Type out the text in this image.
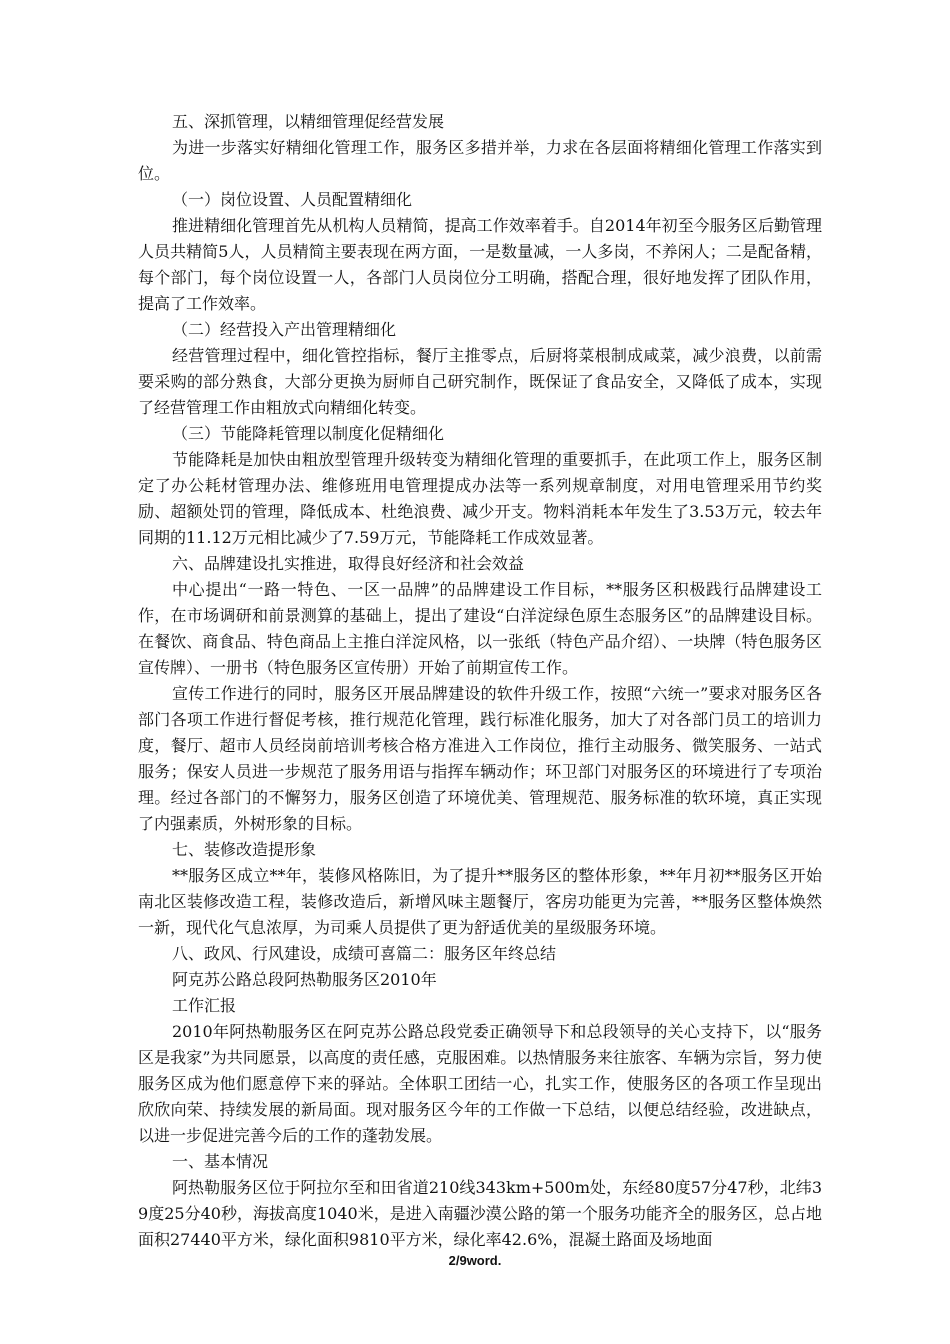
五、深抓管理，以精细管理促经营发展

为进一步落实好精细化管理工作，服务区多措并举，力求在各层面将精细化管理工作落实到位。

（一）岗位设置、人员配置精细化

推进精细化管理首先从机构人员精简，提高工作效率着手。自2014年初至今服务区后勤管理人员共精简5人，人员精简主要表现在两方面，一是数量减，一人多岗，不养闲人；二是配备精，每个部门，每个岗位设置一人，各部门人员岗位分工明确，搭配合理，很好地发挥了团队作用，提高了工作效率。

（二）经营投入产出管理精细化

经营管理过程中，细化管控指标，餐厅主推零点，后厨将菜根制成咸菜，减少浪费，以前需要采购的部分熟食，大部分更换为厨师自己研究制作，既保证了食品安全，又降低了成本，实现了经营管理工作由粗放式向精细化转变。

（三）节能降耗管理以制度化促精细化

节能降耗是加快由粗放型管理升级转变为精细化管理的重要抓手，在此项工作上，服务区制定了办公耗材管理办法、维修班用电管理提成办法等一系列规章制度，对用电管理采用节约奖励、超额处罚的管理，降低成本、杜绝浪费、减少开支。物料消耗本年发生了3.53万元，较去年同期的11.12万元相比减少了7.59万元，节能降耗工作成效显著。

六、品牌建设扎实推进，取得良好经济和社会效益

中心提出“一路一特色、一区一品牌”的品牌建设工作目标，**服务区积极践行品牌建设工作，在市场调研和前景测算的基础上，提出了建设“白洋淀绿色原生态服务区”的品牌建设目标。在餐饮、商食品、特色商品上主推白洋淀风格，以一张纸（特色产品介绍）、一块牌（特色服务区宣传牌）、一册书（特色服务区宣传册）开始了前期宣传工作。

宣传工作进行的同时，服务区开展品牌建设的软件升级工作，按照“六统一”要求对服务区各部门各项工作进行督促考核，推行规范化管理，践行标准化服务，加大了对各部门员工的培训力度，餐厅、超市人员经岗前培训考核合格方准进入工作岗位，推行主动服务、微笑服务、一站式服务；保安人员进一步规范了服务用语与指挥车辆动作；环卫部门对服务区的环境进行了专项治理。经过各部门的不懈努力，服务区创造了环境优美、管理规范、服务标准的软环境，真正实现了内强素质，外树形象的目标。

七、装修改造提形象

**服务区成立**年，装修风格陈旧，为了提升**服务区的整体形象，**年月初**服务区开始南北区装修改造工程，装修改造后，新增风味主题餐厅，客房功能更为完善，**服务区整体焕然一新，现代化气息浓厚，为司乘人员提供了更为舒适优美的星级服务环境。

八、政风、行风建设，成绩可喜篇二：服务区年终总结

阿克苏公路总段阿热勒服务区2010年

工作汇报

2010年阿热勒服务区在阿克苏公路总段党委正确领导下和总段领导的关心支持下，以“服务区是我家”为共同愿景，以高度的责任感，克服困难。以热情服务来往旅客、车辆为宗旨，努力使服务区成为他们愿意停下来的驿站。全体职工团结一心，扎实工作，使服务区的各项工作呈现出欣欣向荣、持续发展的新局面。现对服务区今年的工作做一下总结，以便总结经验，改进缺点，以进一步促进完善今后的工作的蓬勃发展。

一、基本情况

阿热勒服务区位于阿拉尔至和田省道210线343km+500m处，东经80度57分47秒，北纬39度25分40秒，海拔高度1040米，是进入南疆沙漠公路的第一个服务功能齐全的服务区，总占地面积27440平方米，绿化面积9810平方米，绿化率42.6%，混凝土路面及场地面

2/9word.
